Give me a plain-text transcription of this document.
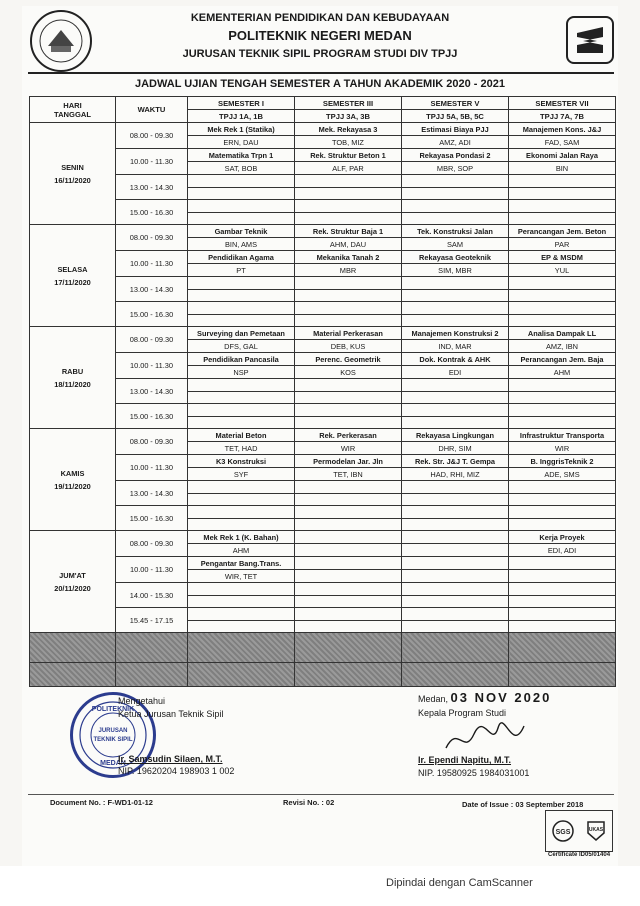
KEMENTERIAN PENDIDIKAN DAN KEBUDAYAAN
POLITEKNIK NEGERI MEDAN
JURUSAN TEKNIK SIPIL PROGRAM STUDI DIV TPJJ
JADWAL UJIAN TENGAH SEMESTER A TAHUN AKADEMIK 2020 - 2021
HARI
TANGGAL	WAKTU	SEMESTER I	SEMESTER III	SEMESTER V	SEMESTER VII
		TPJJ 1A, 1B	TPJJ 3A, 3B	TPJJ 5A, 5B, 5C	TPJJ 7A, 7B

SENIN
16/11/2020	08.00 - 09.30	Mek Rek 1 (Statika)	Mek. Rekayasa 3	Estimasi Biaya PJJ	Manajemen Kons. J&J
		ERN, DAU	TOB, MIZ	AMZ, ADI	FAD, SAM
	10.00 - 11.30	Matematika Trpn 1	Rek. Struktur Beton 1	Rekayasa Pondasi 2	Ekonomi Jalan Raya
		SAT, BOB	ALF, PAR	MBR, SOP	BIN
	13.00 - 14.30				

	15.00 - 16.30				

SELASA
17/11/2020	08.00 - 09.30	Gambar Teknik	Rek. Struktur Baja 1	Tek. Konstruksi Jalan	Perancangan Jem. Beton
		BIN, AMS	AHM, DAU	SAM	PAR
	10.00 - 11.30	Pendidikan Agama	Mekanika Tanah 2	Rekayasa Geoteknik	EP & MSDM
		PT	MBR	SIM, MBR	YUL
	13.00 - 14.30				

	15.00 - 16.30				

RABU
18/11/2020	08.00 - 09.30	Surveying dan Pemetaan	Material Perkerasan	Manajemen Konstruksi 2	Analisa Dampak LL
		DFS, GAL	DEB, KUS	IND, MAR	AMZ, IBN
	10.00 - 11.30	Pendidikan Pancasila	Perenc. Geometrik	Dok. Kontrak & AHK	Perancangan Jem. Baja
		NSP	KOS	EDI	AHM
	13.00 - 14.30				

	15.00 - 16.30				

KAMIS
19/11/2020	08.00 - 09.30	Material Beton	Rek. Perkerasan	Rekayasa Lingkungan	Infrastruktur Transporta
		TET, HAD	WIR	DHR, SIM	WIR
	10.00 - 11.30	K3 Konstruksi	Permodelan Jar. Jln	Rek. Str. J&J T. Gempa	B. InggrisTeknik 2
		SYF	TET, IBN	HAD, RHI, MIZ	ADE, SMS
	13.00 - 14.30				

	15.00 - 16.30				

JUM'AT
20/11/2020	08.00 - 09.30	Mek Rek 1 (K. Bahan)			Kerja Proyek
		AHM			EDI, ADI
	10.00 - 11.30	Pengantar Bang.Trans.			
		WIR, TET			
	14.00 - 15.30				

	15.45 - 17.15				

POLITEKNIK
JURUSAN
TEKNIK SIPIL
MEDAN
Mengetahui
Ketua Jurusan Teknik Sipil
Ir. Samsudin Silaen, M.T.
NIP. 19620204 198903 1 002
Medan, 03 NOV 2020
Kepala Program Studi
Ir. Ependi Napitu, M.T.
NIP. 19580925 1984031001
Document No. : F-WD1-01-12	Revisi No. : 02	Date of Issue : 03 September 2018
SGS	UKAS
Certificate ID05/01404
Dipindai dengan CamScanner
